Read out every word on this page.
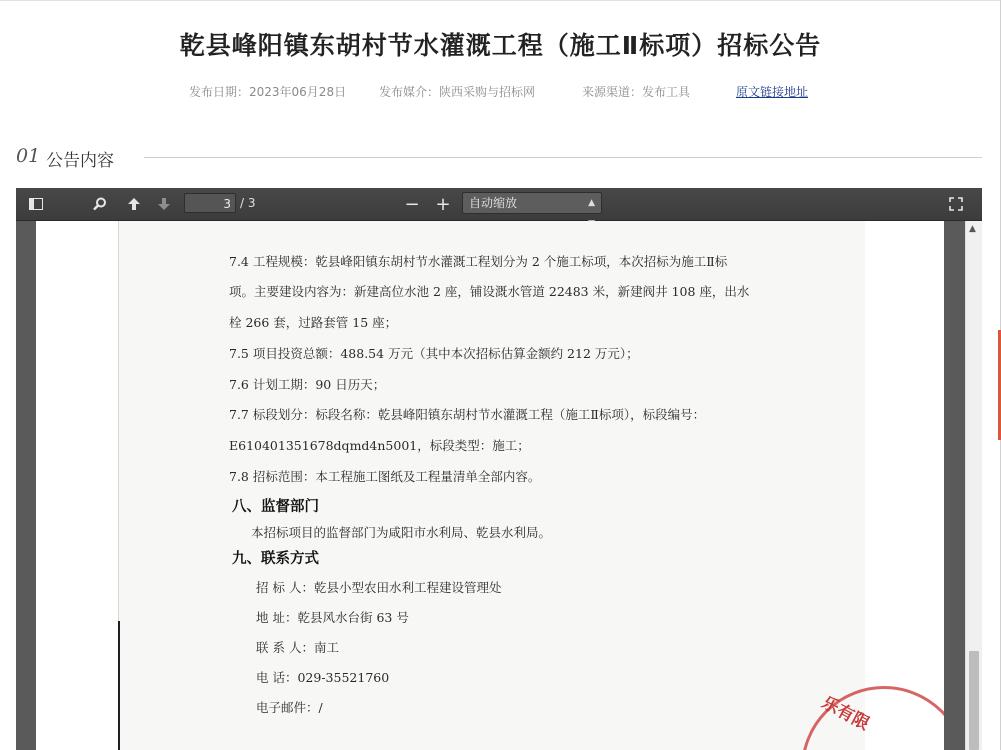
乾县峰阳镇东胡村节水灌溉工程（施工Ⅱ标项）招标公告
发布日期：2023年06月28日	发布媒介：陕西采购与招标网	来源渠道：发布工具	原文链接地址
01 公告内容
3 / 3	− +	自动缩放	▲

7.4 工程规模：乾县峰阳镇东胡村节水灌溉工程划分为 2 个施工标项，本次招标为施工Ⅱ标
项。主要建设内容为：新建高位水池 2 座，铺设溉水管道 22483 米，新建阀井 108 座，出水
栓 266 套，过路套管 15 座；
7.5 项目投资总额：488.54 万元（其中本次招标估算金额约 212 万元）；
7.6 计划工期：90 日历天；
7.7 标段划分：标段名称：乾县峰阳镇东胡村节水灌溉工程（施工Ⅱ标项），标段编号：
E610401351678dqmd4n5001，标段类型：施工；
7.8 招标范围：本工程施工图纸及工程量清单全部内容。
八、监督部门
本招标项目的监督部门为咸阳市水利局、乾县水利局。
九、联系方式
招 标 人：乾县小型农田水利工程建设管理处
地 址：乾县风水台街 63 号
联 系 人：南工
电 话：029-35521760
电子邮件：/	乐有限
▲
